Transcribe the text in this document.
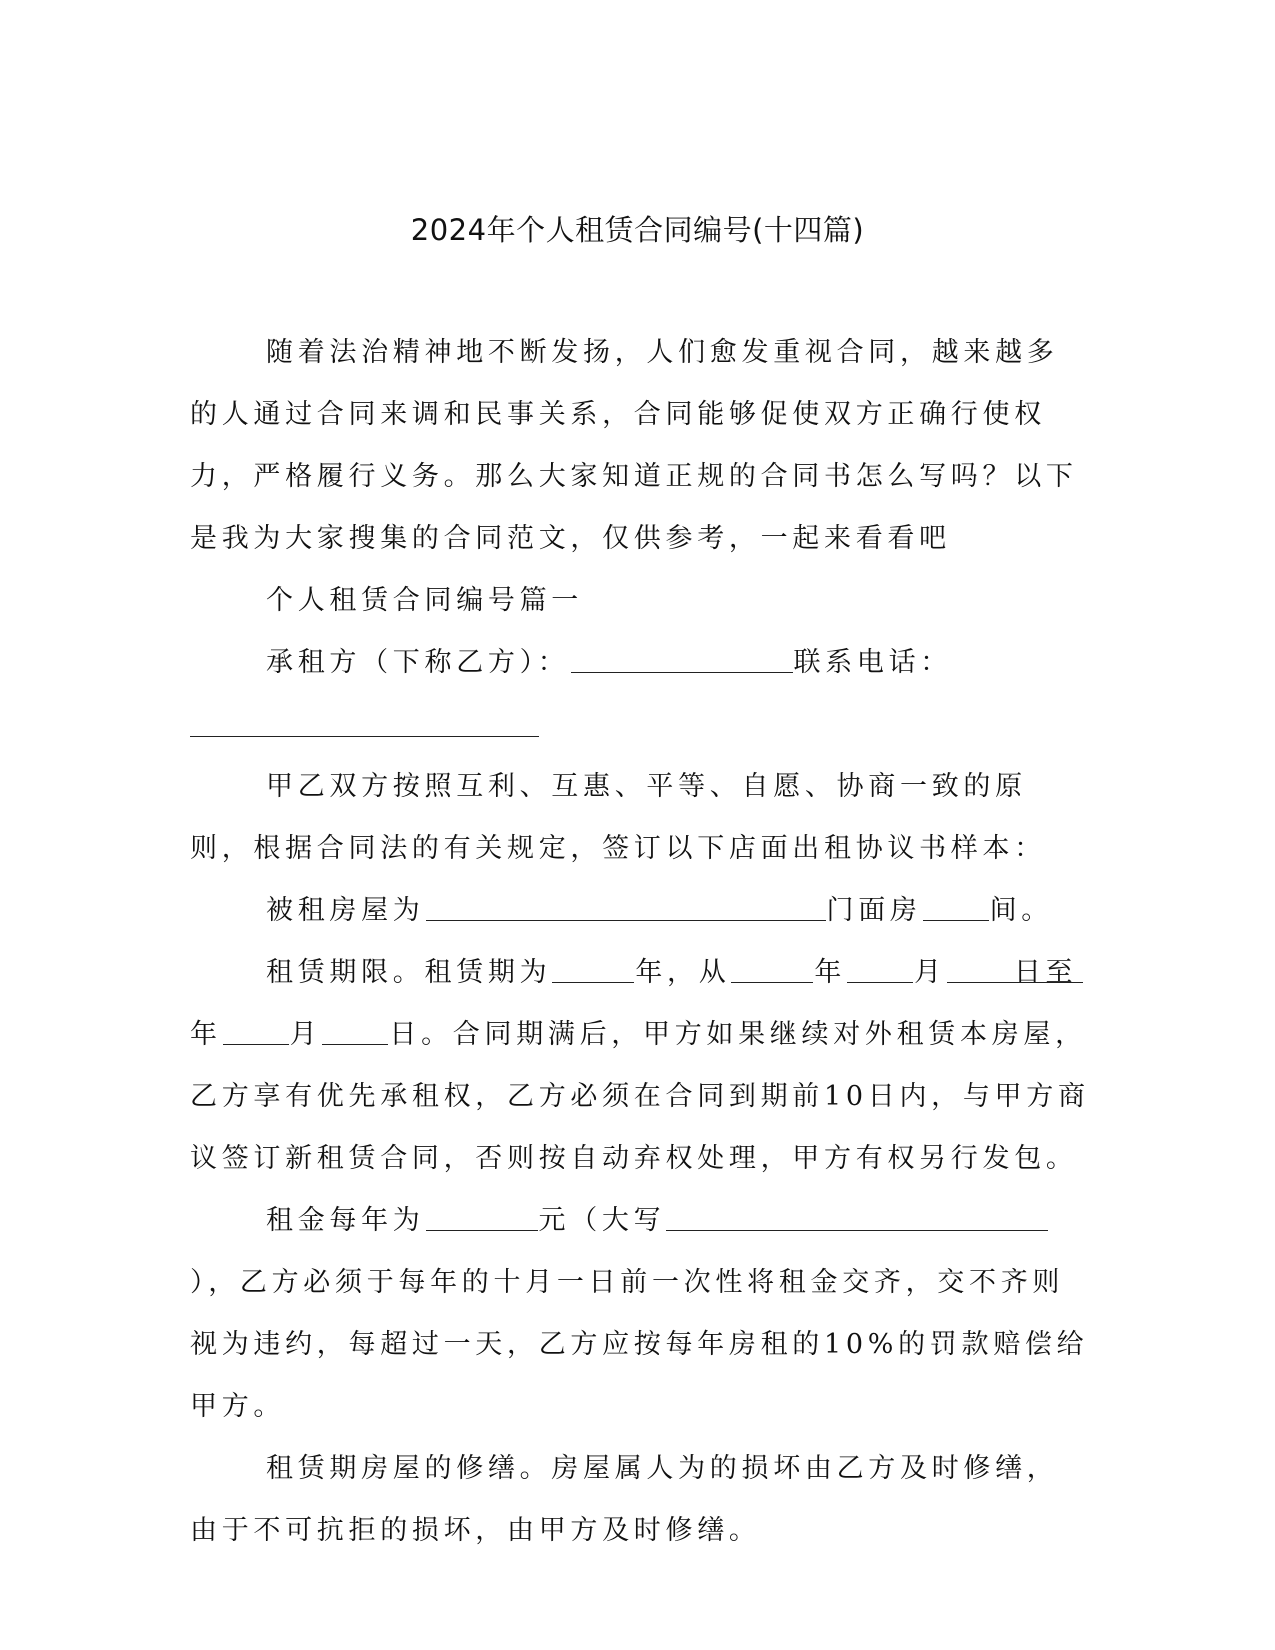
2024年个人租赁合同编号(十四篇)

随着法治精神地不断发扬，人们愈发重视合同，越来越多的人通过合同来调和民事关系，合同能够促使双方正确行使权力，严格履行义务。那么大家知道正规的合同书怎么写吗？以下是我为大家搜集的合同范文，仅供参考，一起来看看吧

个人租赁合同编号篇一

承租方（下称乙方）：	联系电话：

甲乙双方按照互利、互惠、平等、自愿、协商一致的原则，根据合同法的有关规定，签订以下店面出租协议书样本：

被租房屋为	门面房	间。

租赁期限。租赁期为	年，从	年	月	日至年	月	日。合同期满后，甲方如果继续对外租赁本房屋，乙方享有优先承租权，乙方必须在合同到期前10日内，与甲方商议签订新租赁合同，否则按自动弃权处理，甲方有权另行发包。

租金每年为	元（大写），乙方必须于每年的十月一日前一次性将租金交齐，交不齐则视为违约，每超过一天，乙方应按每年房租的10%的罚款赔偿给甲方。

租赁期房屋的修缮。房屋属人为的损坏由乙方及时修缮，由于不可抗拒的损坏，由甲方及时修缮。
